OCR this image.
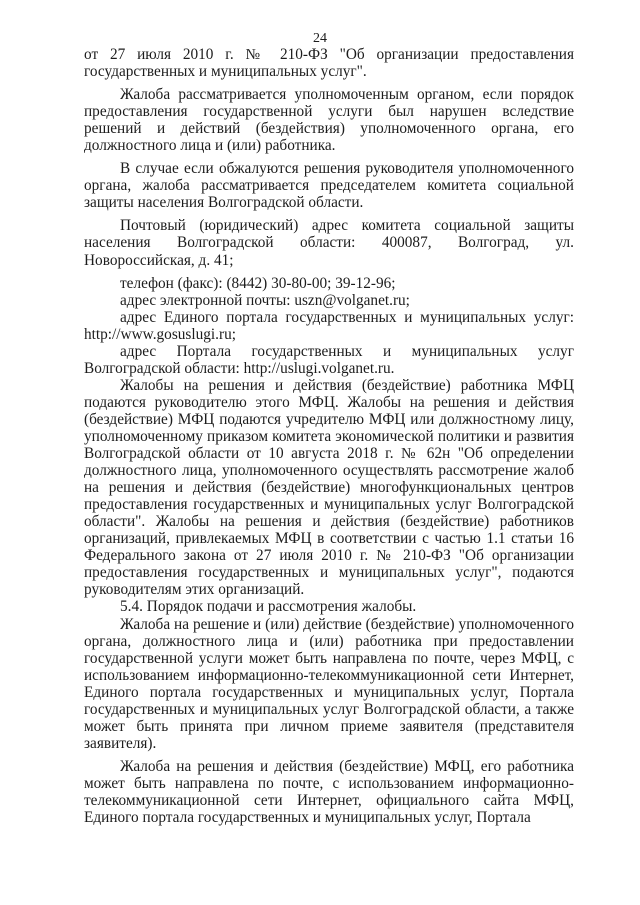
24

от 27 июля 2010 г. № 210-ФЗ "Об организации предоставления государственных и муниципальных услуг".

Жалоба рассматривается уполномоченным органом, если порядок предоставления государственной услуги был нарушен вследствие решений и действий (бездействия) уполномоченного органа, его должностного лица и (или) работника.

В случае если обжалуются решения руководителя уполномоченного органа, жалоба рассматривается председателем комитета социальной защиты населения Волгоградской области.

Почтовый (юридический) адрес комитета социальной защиты населения Волгоградской области: 400087, Волгоград, ул. Новороссийская, д. 41;

телефон (факс): (8442) 30-80-00; 39-12-96;

адрес электронной почты: uszn@volganet.ru;

адрес Единого портала государственных и муниципальных услуг: http://www.gosuslugi.ru;

адрес Портала государственных и муниципальных услуг Волгоградской области: http://uslugi.volganet.ru.

Жалобы на решения и действия (бездействие) работника МФЦ подаются руководителю этого МФЦ. Жалобы на решения и действия (бездействие) МФЦ подаются учредителю МФЦ или должностному лицу, уполномоченному приказом комитета экономической политики и развития Волгоградской области от 10 августа 2018 г. № 62н "Об определении должностного лица, уполномоченного осуществлять рассмотрение жалоб на решения и действия (бездействие) многофункциональных центров предоставления государственных и муниципальных услуг Волгоградской области". Жалобы на решения и действия (бездействие) работников организаций, привлекаемых МФЦ в соответствии с частью 1.1 статьи 16 Федерального закона от 27 июля 2010 г. № 210-ФЗ "Об организации предоставления государственных и муниципальных услуг", подаются руководителям этих организаций.

5.4. Порядок подачи и рассмотрения жалобы.

Жалоба на решение и (или) действие (бездействие) уполномоченного органа, должностного лица и (или) работника при предоставлении государственной услуги может быть направлена по почте, через МФЦ, с использованием информационно-телекоммуникационной сети Интернет, Единого портала государственных и муниципальных услуг, Портала государственных и муниципальных услуг Волгоградской области, а также может быть принята при личном приеме заявителя (представителя заявителя).

Жалоба на решения и действия (бездействие) МФЦ, его работника может быть направлена по почте, с использованием информационно-телекоммуникационной сети Интернет, официального сайта МФЦ, Единого портала государственных и муниципальных услуг, Портала
